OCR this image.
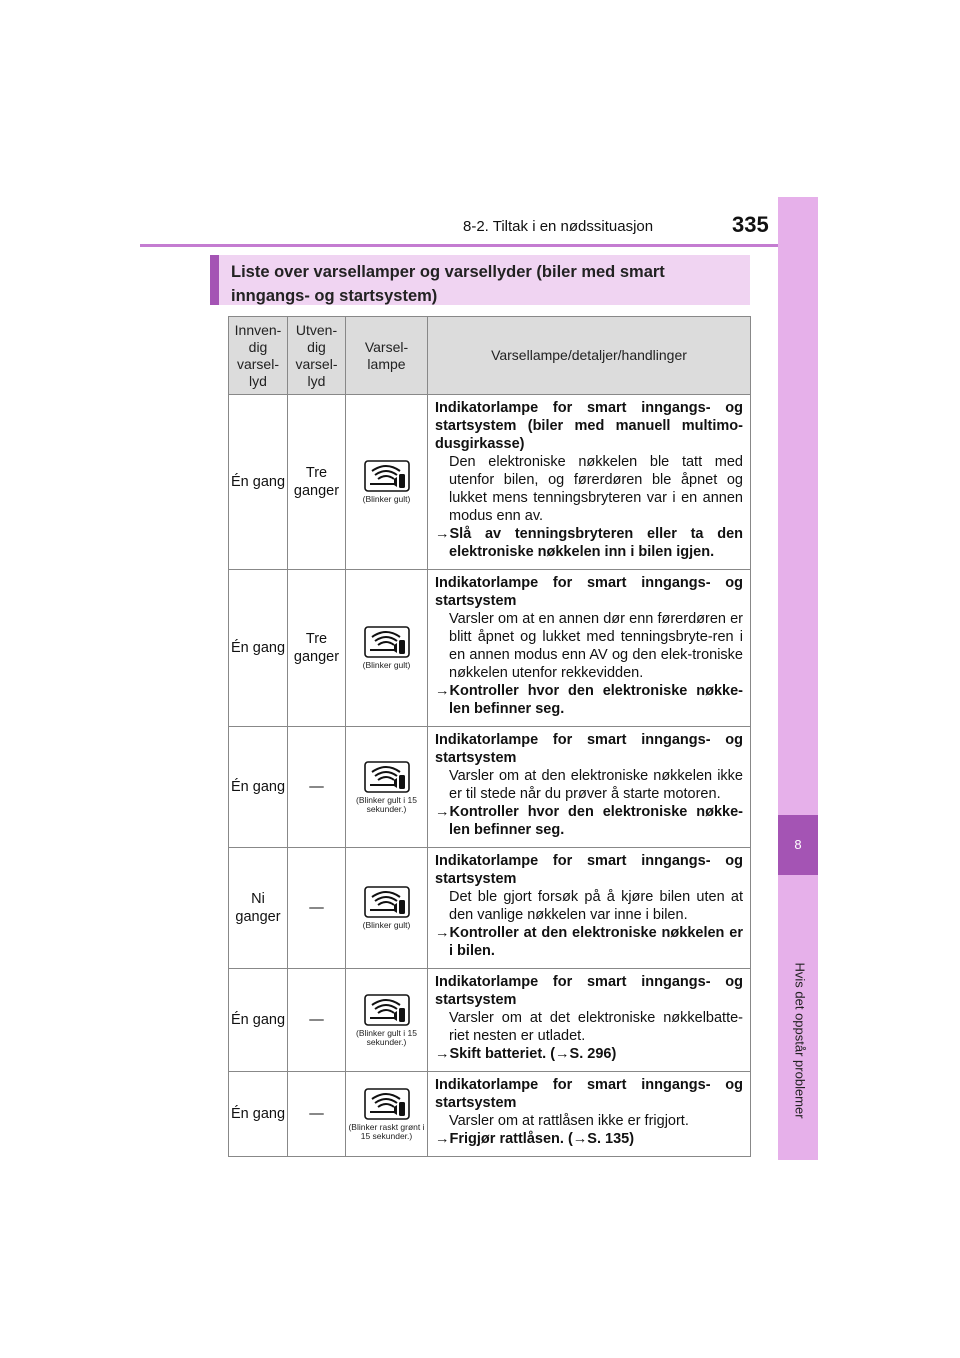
8-2. Tiltak i en nødssituasjon	335
8
Hvis det oppstår problemer
Liste over varsellamper og varsellyder (biler med smart inngangs- og startsystem)
Innven-dig varsel-lyd	Utven-dig varsel-lyd	Varsel-lampe	Varsellampe/detaljer/handlinger
Én gang	Tre ganger	(Blinker gult)	Indikatorlampe for smart inngangs- og startsystem (biler med manuell multimo-dusgirkasse)
Den elektroniske nøkkelen ble tatt med utenfor bilen, og førerdøren ble åpnet og lukket mens tenningsbryteren var i en annen modus enn av.
→Slå av tenningsbryteren eller ta den elektroniske nøkkelen inn i bilen igjen.

Én gang	Tre ganger	(Blinker gult)	Indikatorlampe for smart inngangs- og startsystem
Varsler om at en annen dør enn førerdøren er blitt åpnet og lukket med tenningsbryte-ren i en annen modus enn AV og den elek-troniske nøkkelen utenfor rekkevidden.
→Kontroller hvor den elektroniske nøkke-len befinner seg.

Én gang	—	(Blinker gult i 15 sekunder.)	Indikatorlampe for smart inngangs- og startsystem
Varsler om at den elektroniske nøkkelen ikke er til stede når du prøver å starte motoren.
→Kontroller hvor den elektroniske nøkke-len befinner seg.

Ni ganger	—	(Blinker gult)	Indikatorlampe for smart inngangs- og startsystem
Det ble gjort forsøk på å kjøre bilen uten at den vanlige nøkkelen var inne i bilen.
→Kontroller at den elektroniske nøkkelen er i bilen.

Én gang	—	(Blinker gult i 15 sekunder.)	Indikatorlampe for smart inngangs- og startsystem
Varsler om at det elektroniske nøkkelbatte-riet nesten er utladet.
→Skift batteriet. (→S. 296)

Én gang	—	(Blinker raskt grønt i 15 sekunder.)	Indikatorlampe for smart inngangs- og startsystem
Varsler om at rattlåsen ikke er frigjort.
→Frigjør rattlåsen. (→S. 135)
